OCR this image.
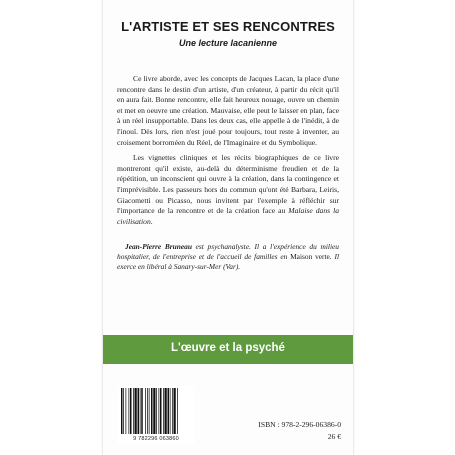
L'ARTISTE ET SES RENCONTRES
Une lecture lacanienne

Ce livre aborde, avec les concepts de Jacques Lacan, la place d'une rencontre dans le destin d'un artiste, d'un créateur, à partir du récit qu'il en aura fait. Bonne rencontre, elle fait heureux nouage, ouvre un chemin et met en oeuvre une création. Mauvaise, elle peut le laisser en plan, face à un réel insupportable. Dans les deux cas, elle appelle à de l'inédit, à de l'inouï. Dès lors, rien n'est joué pour toujours, tout reste à inventer, au croisement borroméen du Réel, de l'Imaginaire et du Symbolique.

Les vignettes cliniques et les récits biographiques de ce livre montreront qu'il existe, au-delà du déterminisme freudien et de la répétition, un inconscient qui ouvre à la création, dans la contingence et l'imprévisible. Les passeurs hors du commun qu'ont été Barbara, Leiris, Giacometti ou Picasso, nous invitent par l'exemple à réfléchir sur l'importance de la rencontre et de la création face au Malaise dans la civilisation.

Jean-Pierre Bruneau est psychanalyste. Il a l'expérience du milieu hospitalier, de l'entreprise et de l'accueil de familles en Maison verte. Il exerce en libéral à Sanary-sur-Mer (Var).
L'œuvre et la psyché
9 782296 063860
ISBN : 978-2-296-06386-0
26 €
